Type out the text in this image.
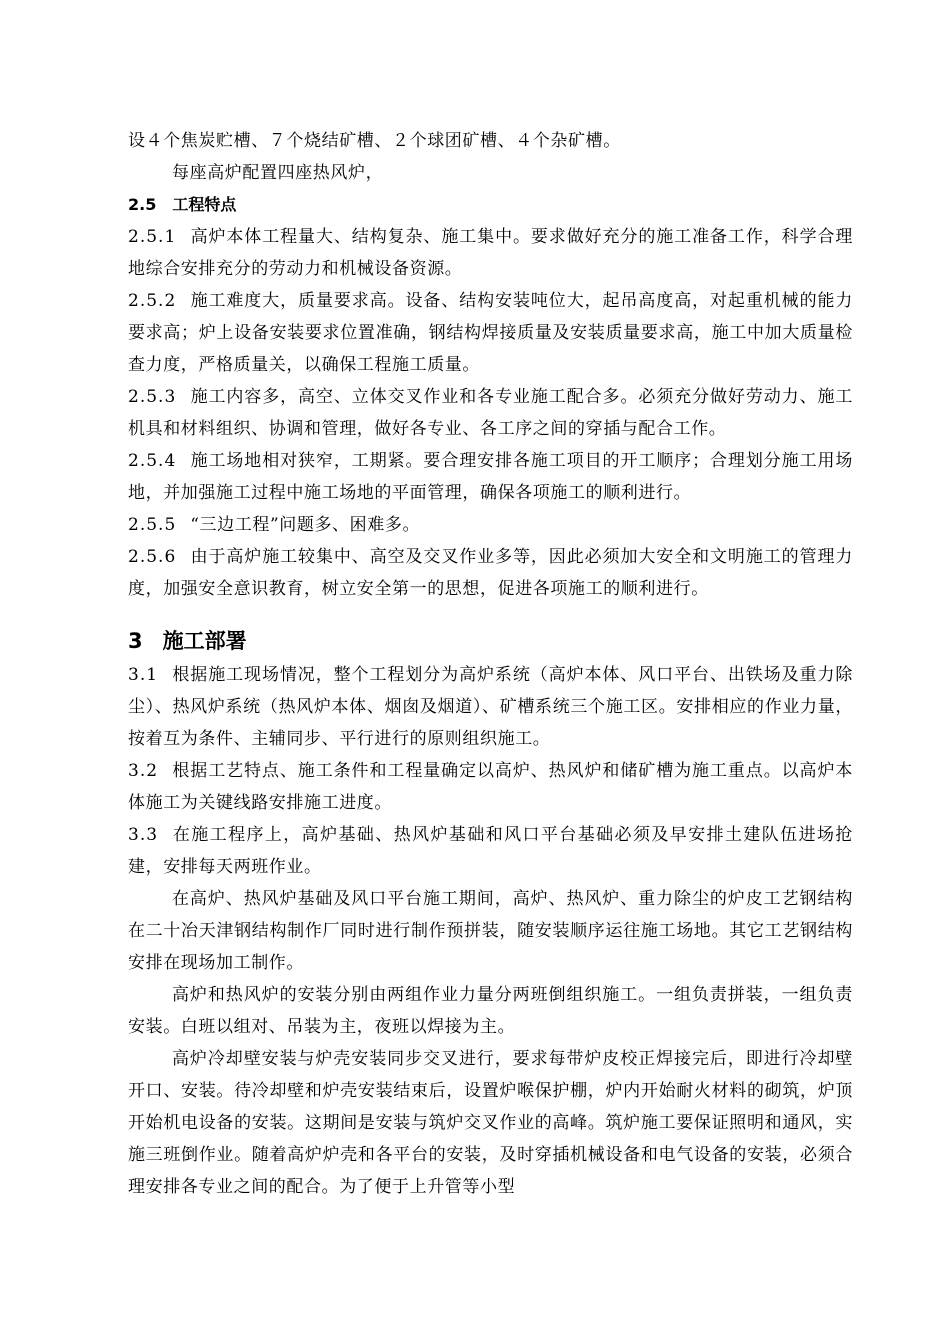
设４个焦炭贮槽、７个烧结矿槽、２个球团矿槽、４个杂矿槽。

每座高炉配置四座热风炉，

2.5 工程特点

2.5.1 高炉本体工程量大、结构复杂、施工集中。要求做好充分的施工准备工作，科学合理地综合安排充分的劳动力和机械设备资源。

2.5.2 施工难度大，质量要求高。设备、结构安装吨位大，起吊高度高，对起重机械的能力要求高；炉上设备安装要求位置准确，钢结构焊接质量及安装质量要求高，施工中加大质量检查力度，严格质量关，以确保工程施工质量。

2.5.3 施工内容多，高空、立体交叉作业和各专业施工配合多。必须充分做好劳动力、施工机具和材料组织、协调和管理，做好各专业、各工序之间的穿插与配合工作。

2.5.4 施工场地相对狭窄，工期紧。要合理安排各施工项目的开工顺序；合理划分施工用场地，并加强施工过程中施工场地的平面管理，确保各项施工的顺利进行。

2.5.5 “三边工程”问题多、困难多。

2.5.6 由于高炉施工较集中、高空及交叉作业多等，因此必须加大安全和文明施工的管理力度，加强安全意识教育，树立安全第一的思想，促进各项施工的顺利进行。

3 施工部署

3.1 根据施工现场情况，整个工程划分为高炉系统（高炉本体、风口平台、出铁场及重力除尘）、热风炉系统（热风炉本体、烟囱及烟道）、矿槽系统三个施工区。安排相应的作业力量，按着互为条件、主辅同步、平行进行的原则组织施工。

3.2 根据工艺特点、施工条件和工程量确定以高炉、热风炉和储矿槽为施工重点。以高炉本体施工为关键线路安排施工进度。

3.3 在施工程序上，高炉基础、热风炉基础和风口平台基础必须及早安排土建队伍进场抢建，安排每天两班作业。

在高炉、热风炉基础及风口平台施工期间，高炉、热风炉、重力除尘的炉皮工艺钢结构在二十冶天津钢结构制作厂同时进行制作预拼装，随安装顺序运往施工场地。其它工艺钢结构安排在现场加工制作。

高炉和热风炉的安装分别由两组作业力量分两班倒组织施工。一组负责拼装，一组负责安装。白班以组对、吊装为主，夜班以焊接为主。

高炉冷却壁安装与炉壳安装同步交叉进行，要求每带炉皮校正焊接完后，即进行冷却壁开口、安装。待冷却壁和炉壳安装结束后，设置炉喉保护棚，炉内开始耐火材料的砌筑，炉顶开始机电设备的安装。这期间是安装与筑炉交叉作业的高峰。筑炉施工要保证照明和通风，实施三班倒作业。随着高炉炉壳和各平台的安装，及时穿插机械设备和电气设备的安装，必须合理安排各专业之间的配合。为了便于上升管等小型
